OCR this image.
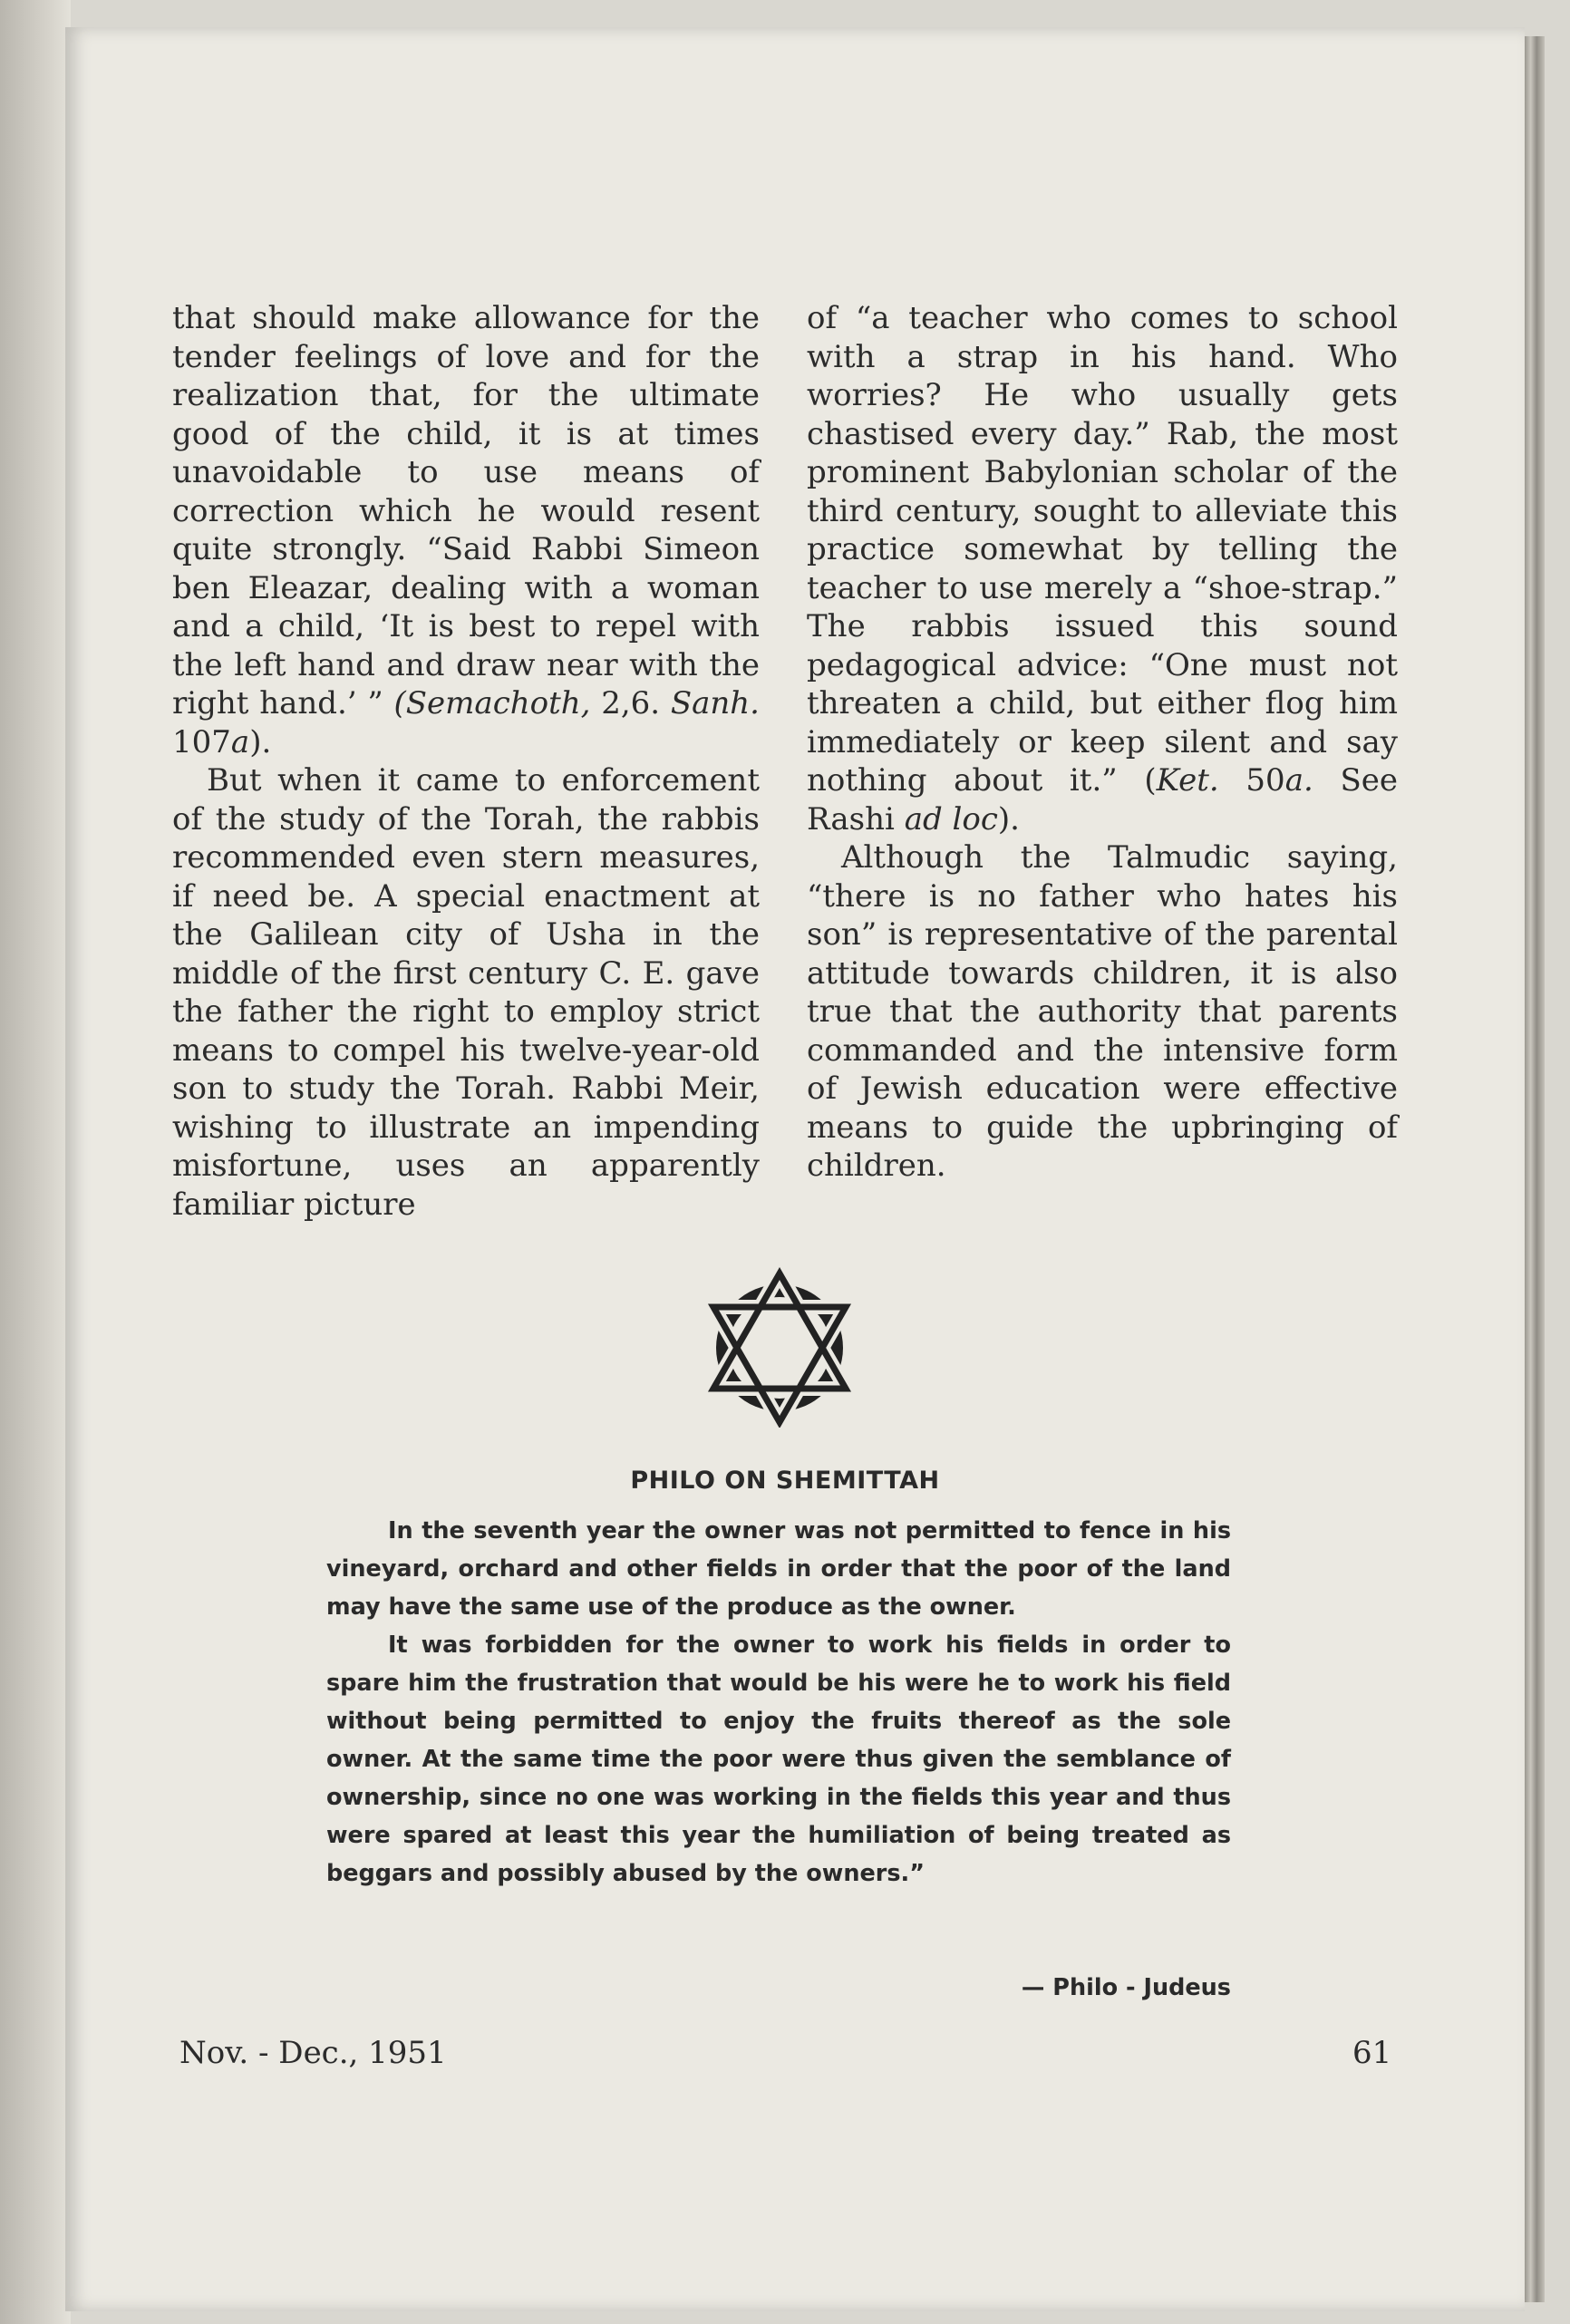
that should make allowance for the tender feelings of love and for the realization that, for the ultimate good of the child, it is at times unavoidable to use means of correction which he would resent quite strongly. “Said Rabbi Simeon ben Eleazar, dealing with a woman and a child, ‘It is best to repel with the left hand and draw near with the right hand.’ ” (Semachoth, 2,6. Sanh. 107a).

But when it came to enforcement of the study of the Torah, the rabbis recommended even stern measures, if need be. A special enactment at the Galilean city of Usha in the middle of the first century C. E. gave the father the right to employ strict means to compel his twelve-year-old son to study the Torah. Rabbi Meir, wishing to illustrate an impending misfortune, uses an apparently familiar picture

of “a teacher who comes to school with a strap in his hand. Who worries? He who usually gets chastised every day.” Rab, the most prominent Babylonian scholar of the third century, sought to alleviate this practice somewhat by telling the teacher to use merely a “shoe-strap.” The rabbis issued this sound pedagogical advice: “One must not threaten a child, but either flog him immediately or keep silent and say nothing about it.” (Ket. 50a. See Rashi ad loc).

Although the Talmudic saying, “there is no father who hates his son” is representative of the parental attitude towards children, it is also true that the authority that parents commanded and the intensive form of Jewish education were effective means to guide the upbringing of children.

PHILO ON SHEMITTAH

In the seventh year the owner was not permitted to fence in his vineyard, orchard and other fields in order that the poor of the land may have the same use of the produce as the owner.

It was forbidden for the owner to work his fields in order to spare him the frustration that would be his were he to work his field without being permitted to enjoy the fruits thereof as the sole owner. At the same time the poor were thus given the semblance of ownership, since no one was working in the fields this year and thus were spared at least this year the humiliation of being treated as beggars and possibly abused by the owners.”

— Philo - Judeus
Nov. - Dec., 1951	61
